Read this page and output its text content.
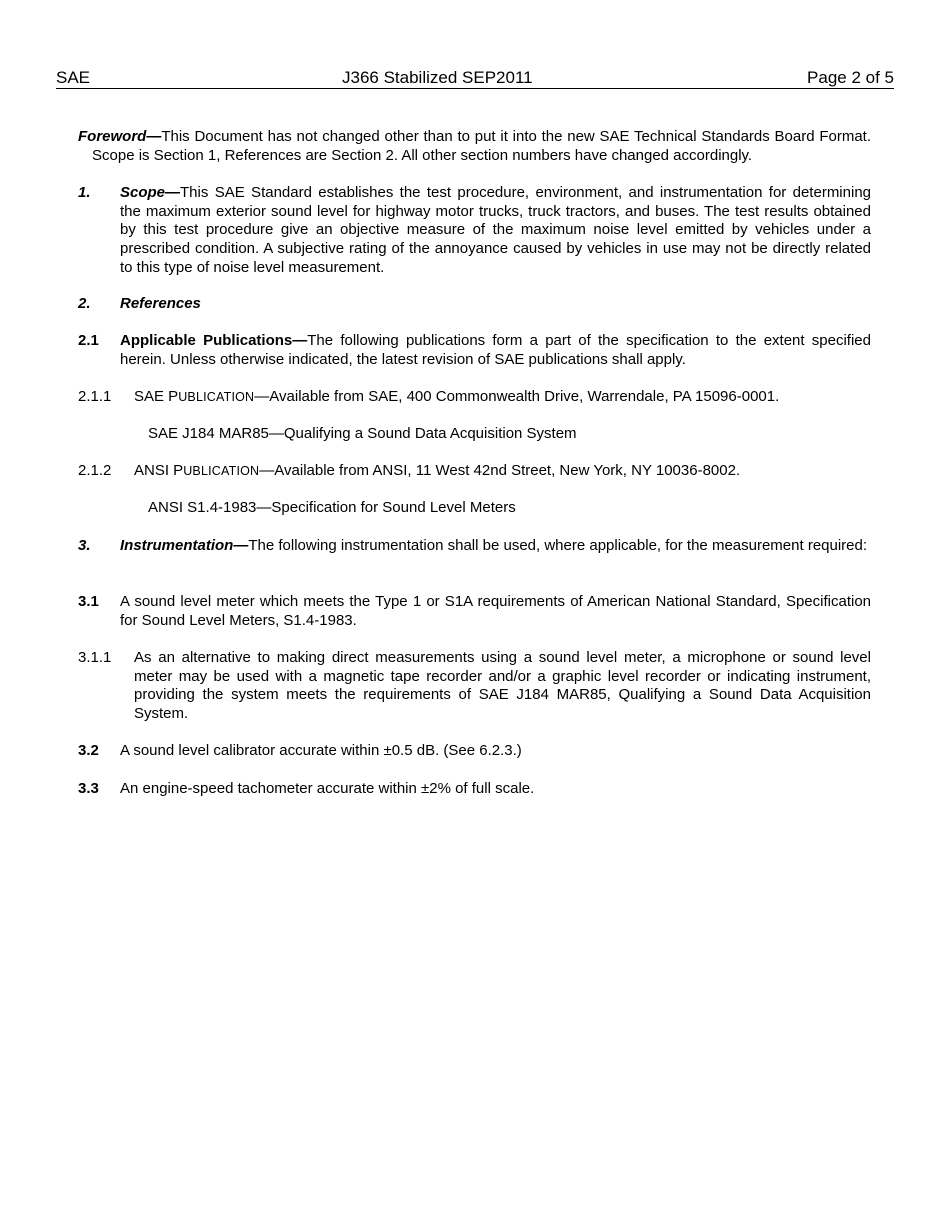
SAE	J366 Stabilized SEP2011	Page 2 of 5
Foreword—This Document has not changed other than to put it into the new SAE Technical Standards Board Format. Scope is Section 1, References are Section 2. All other section numbers have changed accordingly.
1. Scope—This SAE Standard establishes the test procedure, environment, and instrumentation for determining the maximum exterior sound level for highway motor trucks, truck tractors, and buses. The test results obtained by this test procedure give an objective measure of the maximum noise level emitted by vehicles under a prescribed condition. A subjective rating of the annoyance caused by vehicles in use may not be directly related to this type of noise level measurement.
2. References
2.1 Applicable Publications—The following publications form a part of the specification to the extent specified herein. Unless otherwise indicated, the latest revision of SAE publications shall apply.
2.1.1 SAE PUBLICATION—Available from SAE, 400 Commonwealth Drive, Warrendale, PA 15096-0001.
SAE J184 MAR85—Qualifying a Sound Data Acquisition System
2.1.2 ANSI PUBLICATION—Available from ANSI, 11 West 42nd Street, New York, NY 10036-8002.
ANSI S1.4-1983—Specification for Sound Level Meters
3. Instrumentation—The following instrumentation shall be used, where applicable, for the measurement required:
3.1 A sound level meter which meets the Type 1 or S1A requirements of American National Standard, Specification for Sound Level Meters, S1.4-1983.
3.1.1 As an alternative to making direct measurements using a sound level meter, a microphone or sound level meter may be used with a magnetic tape recorder and/or a graphic level recorder or indicating instrument, providing the system meets the requirements of SAE J184 MAR85, Qualifying a Sound Data Acquisition System.
3.2 A sound level calibrator accurate within ±0.5 dB. (See 6.2.3.)
3.3 An engine-speed tachometer accurate within ±2% of full scale.
